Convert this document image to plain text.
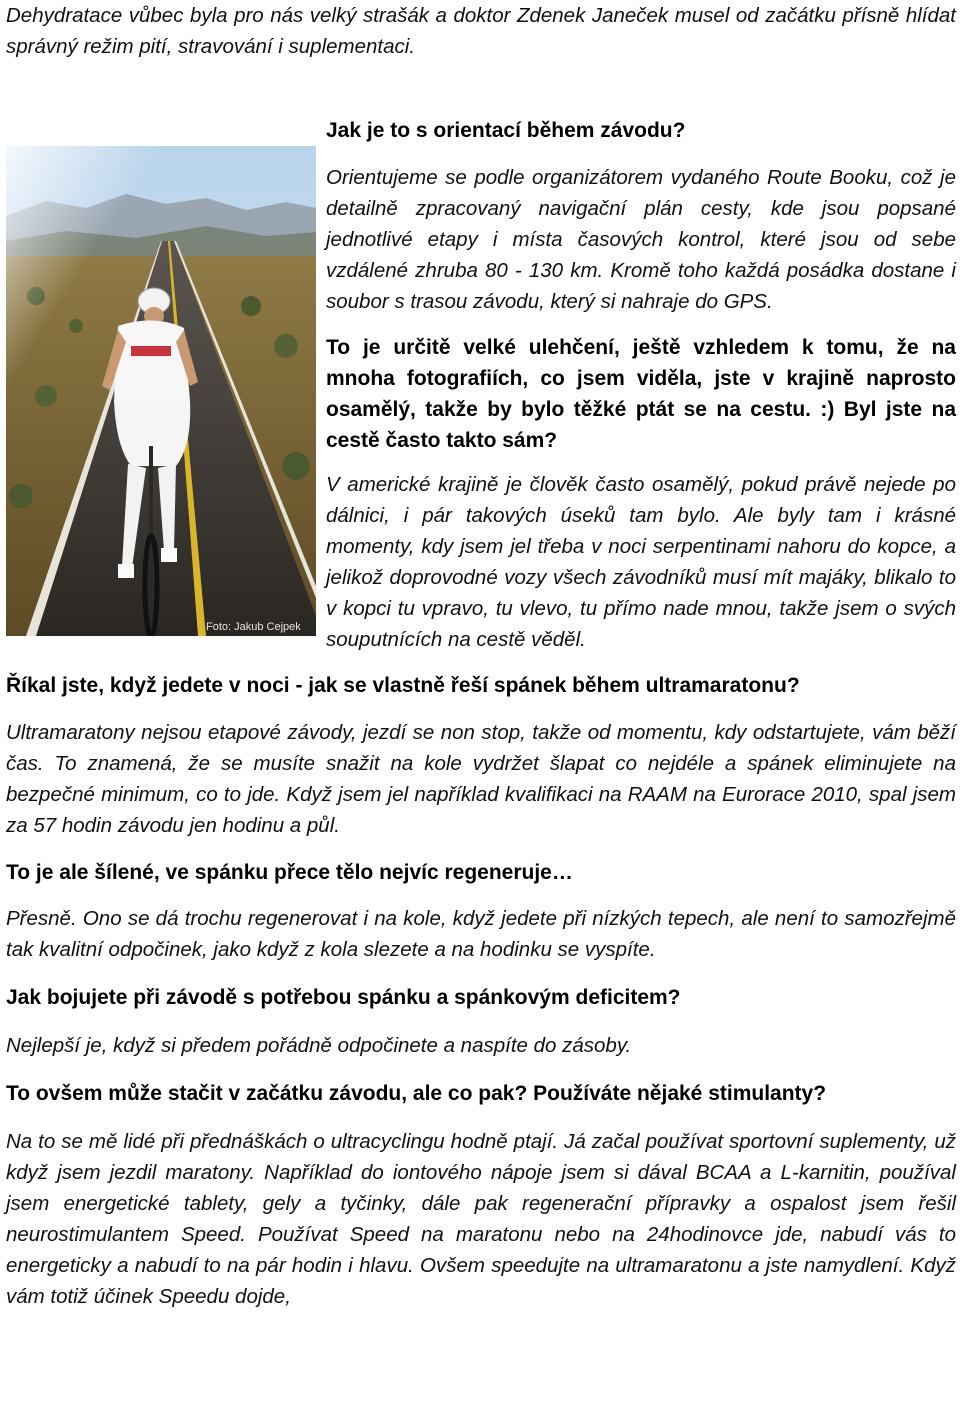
Dehydratace vůbec byla pro nás velký strašák a doktor Zdenek Janeček musel od začátku přísně hlídat správný režim pití, stravování i suplementaci.

Foto: Jakub Cejpek

Jak je to s orientací během závodu?

Orientujeme se podle organizátorem vydaného Route Booku, což je detailně zpracovaný navigační plán cesty, kde jsou popsané jednotlivé etapy i místa časových kontrol, které jsou od sebe vzdálené zhruba 80 - 130 km. Kromě toho každá posádka dostane i soubor s trasou závodu, který si nahraje do GPS.

To je určitě velké ulehčení, ještě vzhledem k tomu, že na mnoha fotografiích, co jsem viděla, jste v krajině naprosto osamělý, takže by bylo těžké ptát se na cestu. :) Byl jste na cestě často takto sám?

V americké krajině je člověk často osamělý, pokud právě nejede po dálnici, i pár takových úseků tam bylo. Ale byly tam i krásné momenty, kdy jsem jel třeba v noci serpentinami nahoru do kopce, a jelikož doprovodné vozy všech závodníků musí mít majáky, blikalo to v kopci tu vpravo, tu vlevo, tu přímo nade mnou, takže jsem o svých souputnících na cestě věděl.

Říkal jste, když jedete v noci - jak se vlastně řeší spánek během ultramaratonu?

Ultramaratony nejsou etapové závody, jezdí se non stop, takže od momentu, kdy odstartujete, vám běží čas. To znamená, že se musíte snažit na kole vydržet šlapat co nejdéle a spánek eliminujete na bezpečné minimum, co to jde. Když jsem jel například kvalifikaci na RAAM na Eurorace 2010, spal jsem za 57 hodin závodu jen hodinu a půl.

To je ale šílené, ve spánku přece tělo nejvíc regeneruje…

Přesně. Ono se dá trochu regenerovat i na kole, když jedete při nízkých tepech, ale není to samozřejmě tak kvalitní odpočinek, jako když z kola slezete a na hodinku se vyspíte.

Jak bojujete při závodě s potřebou spánku a spánkovým deficitem?

Nejlepší je, když si předem pořádně odpočinete a naspíte do zásoby.

To ovšem může stačit v začátku závodu, ale co pak? Používáte nějaké stimulanty?

Na to se mě lidé při přednáškách o ultracyclingu hodně ptají. Já začal používat sportovní suplementy, už když jsem jezdil maratony. Například do iontového nápoje jsem si dával BCAA a L-karnitin, používal jsem energetické tablety, gely a tyčinky, dále pak regenerační přípravky a ospalost jsem řešil neurostimulantem Speed. Používat Speed na maratonu nebo na 24hodinovce jde, nabudí vás to energeticky a nabudí to na pár hodin i hlavu. Ovšem speedujte na ultramaratonu a jste namydlení. Když vám totiž účinek Speedu dojde,
